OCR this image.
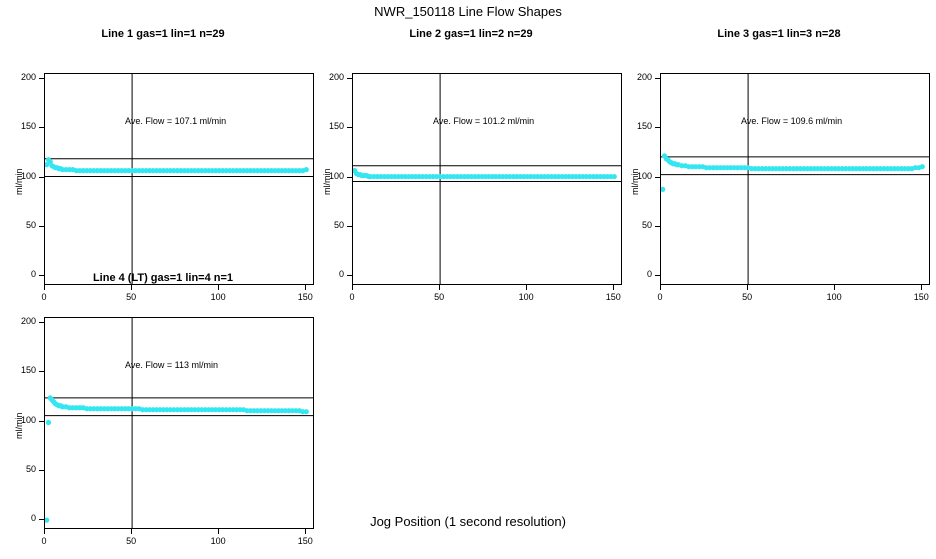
NWR_150118 Line Flow Shapes
Line 1 gas=1 lin=1 n=29
Ave. Flow = 107.1 ml/min
0
50
100
150
200
0	50	100	150
ml/min
Line 2 gas=1 lin=2 n=29
Ave. Flow = 101.2 ml/min
0
50
100
150
200
0	50	100	150
ml/min
Line 3 gas=1 lin=3 n=28
Ave. Flow = 109.6 ml/min
0
50
100
150
200
0	50	100	150
ml/min
Line 4 (LT) gas=1 lin=4 n=1
Ave. Flow = 113 ml/min
0
50
100
150
200
0	50	100	150
ml/min
Jog Position (1 second resolution)
